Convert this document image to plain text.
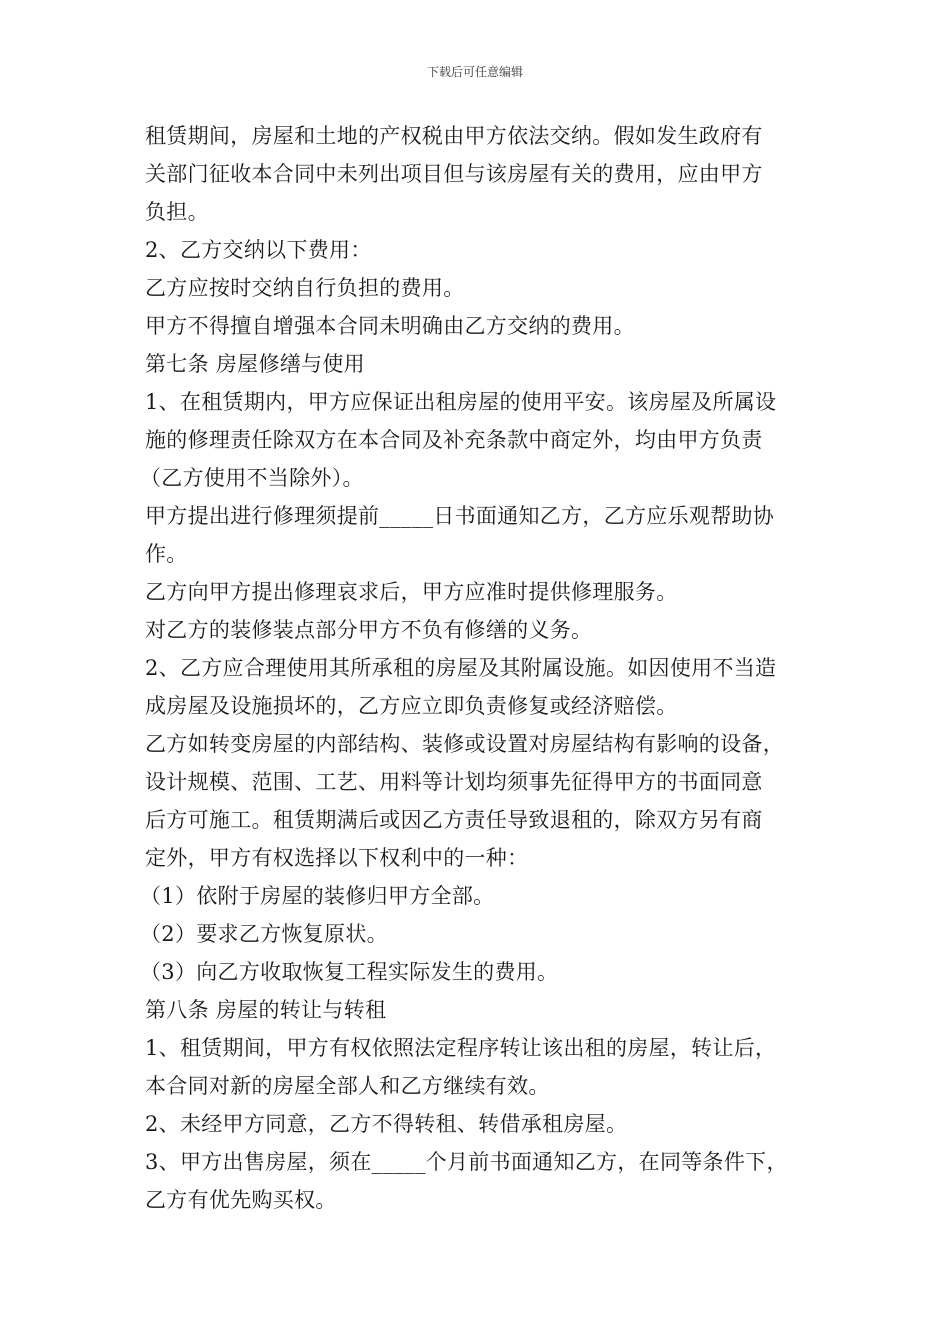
下载后可任意编辑

租赁期间，房屋和土地的产权税由甲方依法交纳。假如发生政府有

关部门征收本合同中未列出项目但与该房屋有关的费用，应由甲方

负担。

2、乙方交纳以下费用：

乙方应按时交纳自行负担的费用。

甲方不得擅自增强本合同未明确由乙方交纳的费用。

第七条 房屋修缮与使用

1、在租赁期内，甲方应保证出租房屋的使用平安。该房屋及所属设

施的修理责任除双方在本合同及补充条款中商定外，均由甲方负责

（乙方使用不当除外）。

甲方提出进行修理须提前_____日书面通知乙方，乙方应乐观帮助协

作。

乙方向甲方提出修理哀求后，甲方应准时提供修理服务。

对乙方的装修装点部分甲方不负有修缮的义务。

2、乙方应合理使用其所承租的房屋及其附属设施。如因使用不当造

成房屋及设施损坏的，乙方应立即负责修复或经济赔偿。

乙方如转变房屋的内部结构、装修或设置对房屋结构有影响的设备，

设计规模、范围、工艺、用料等计划均须事先征得甲方的书面同意

后方可施工。租赁期满后或因乙方责任导致退租的，除双方另有商

定外，甲方有权选择以下权利中的一种：

（1）依附于房屋的装修归甲方全部。

（2）要求乙方恢复原状。

（3）向乙方收取恢复工程实际发生的费用。

第八条 房屋的转让与转租

1、租赁期间，甲方有权依照法定程序转让该出租的房屋，转让后，

本合同对新的房屋全部人和乙方继续有效。

2、未经甲方同意，乙方不得转租、转借承租房屋。

3、甲方出售房屋，须在_____个月前书面通知乙方，在同等条件下，

乙方有优先购买权。
